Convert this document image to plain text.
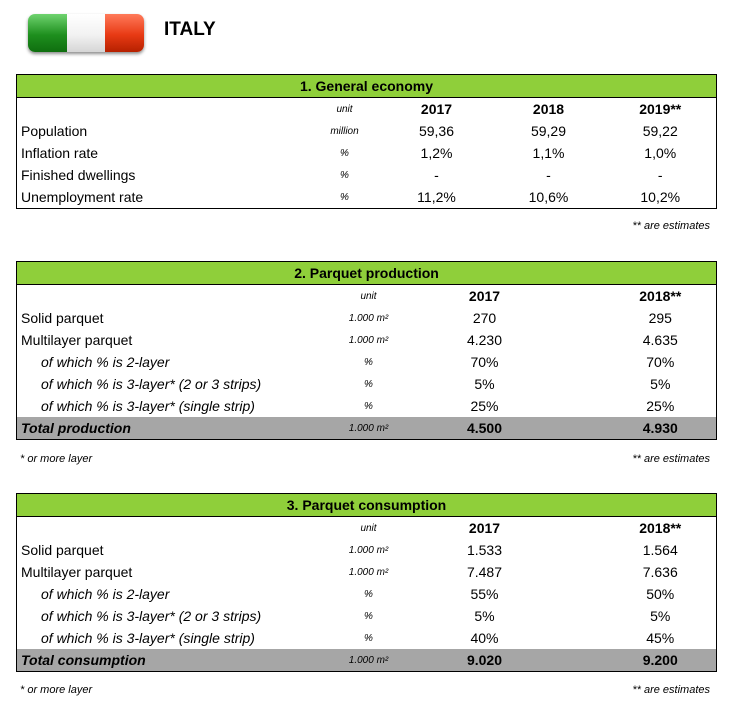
ITALY
1. General economy				
	unit	2017	2018	2019**
Population	million	59,36	59,29	59,22
Inflation rate	%	1,2%	1,1%	1,0%
Finished dwellings	%	-	-	-
Unemployment rate	%	11,2%	10,6%	10,2%
** are estimates
2. Parquet production				
	unit	2017		2018**
Solid parquet	1.000 m²	270		295
Multilayer parquet	1.000 m²	4.230		4.635
of which % is 2-layer	%	70%		70%
of which % is 3-layer* (2 or 3 strips)	%	5%		5%
of which % is 3-layer* (single strip)	%	25%		25%
Total production	1.000 m²	4.500		4.930
* or more layer	** are estimates
3. Parquet consumption				
	unit	2017		2018**
Solid parquet	1.000 m²	1.533		1.564
Multilayer parquet	1.000 m²	7.487		7.636
of which % is 2-layer	%	55%		50%
of which % is 3-layer* (2 or 3 strips)	%	5%		5%
of which % is 3-layer* (single strip)	%	40%		45%
Total consumption	1.000 m²	9.020		9.200
* or more layer	** are estimates
